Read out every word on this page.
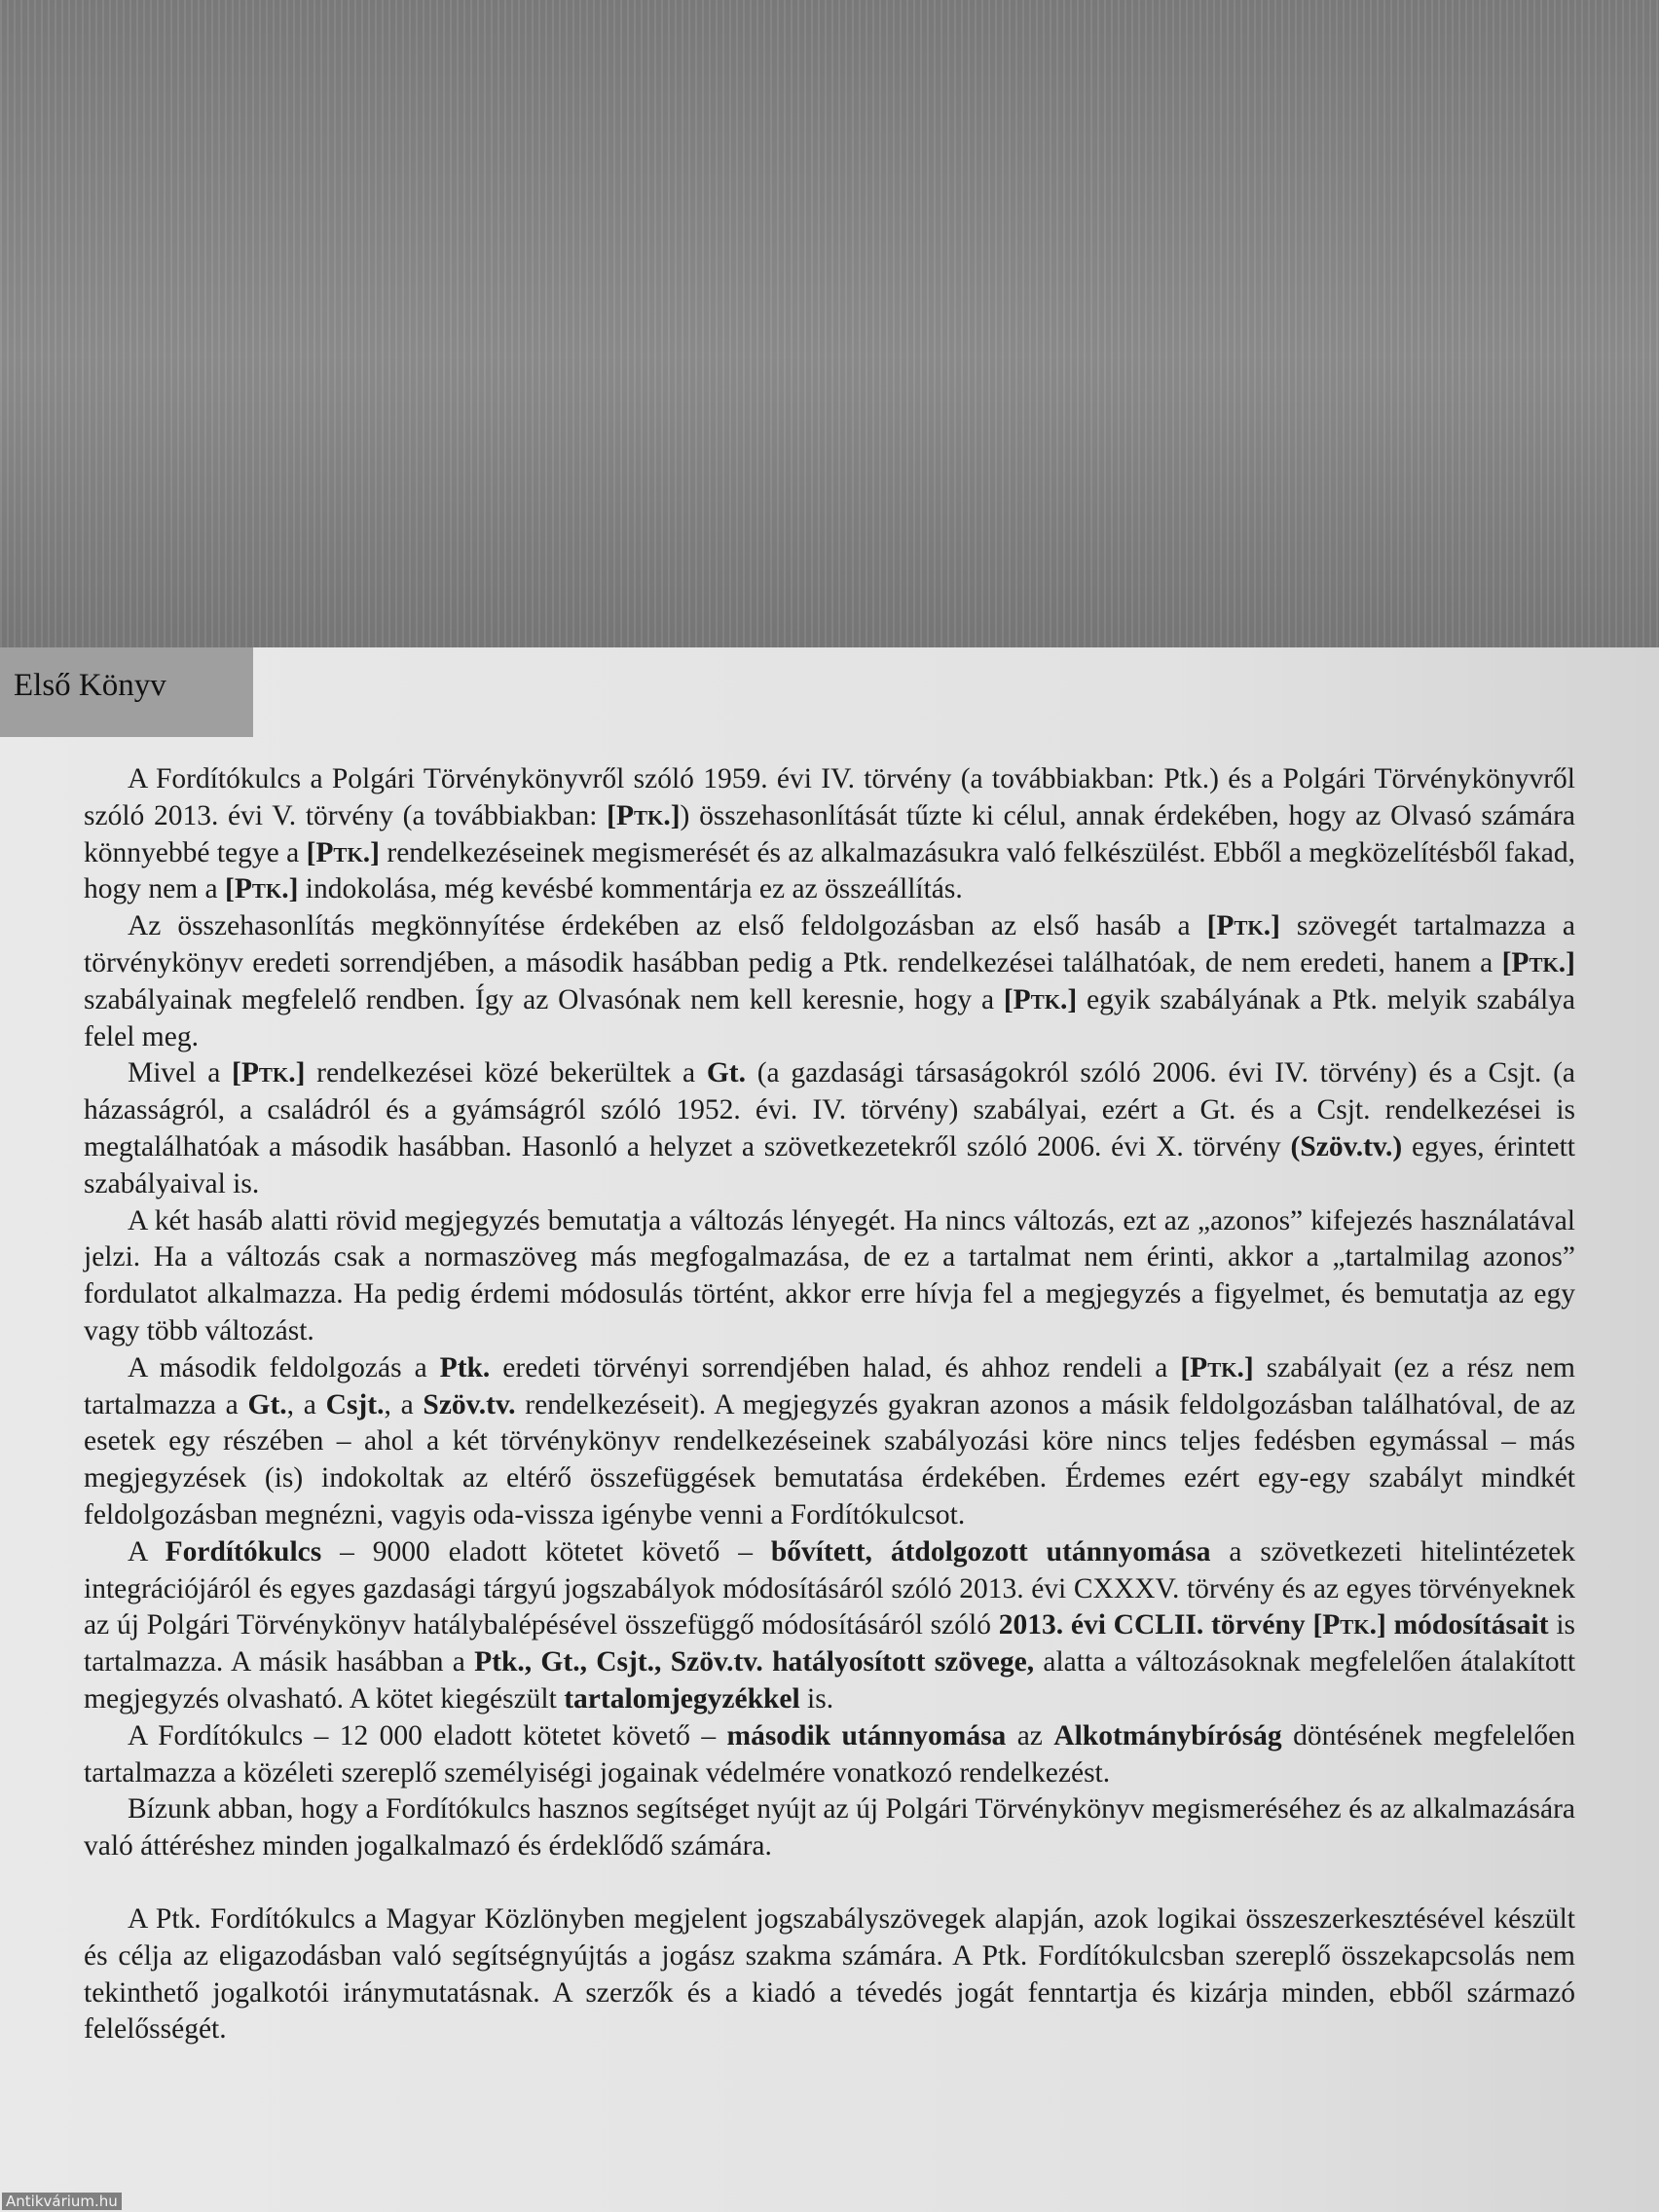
Első Könyv

A Fordítókulcs a Polgári Törvénykönyvről szóló 1959. évi IV. törvény (a továbbiakban: Ptk.) és a Polgári Törvénykönyvről szóló 2013. évi V. törvény (a továbbiakban: [Ptk.]) összehasonlítását tűzte ki célul, annak érdekében, hogy az Olvasó számára könnyebbé tegye a [Ptk.] rendelkezéseinek megismerését és az alkalmazásukra való felkészülést. Ebből a megközelítésből fakad, hogy nem a [Ptk.] indokolása, még kevésbé kommentárja ez az összeállítás.

Az összehasonlítás megkönnyítése érdekében az első feldolgozásban az első hasáb a [Ptk.] szövegét tartalmazza a törvénykönyv eredeti sorrendjében, a második hasábban pedig a Ptk. rendelkezései találhatóak, de nem eredeti, hanem a [Ptk.] szabályainak megfelelő rendben. Így az Olvasónak nem kell keresnie, hogy a [Ptk.] egyik szabályának a Ptk. melyik szabálya felel meg.

Mivel a [Ptk.] rendelkezései közé bekerültek a Gt. (a gazdasági társaságokról szóló 2006. évi IV. törvény) és a Csjt. (a házasságról, a családról és a gyámságról szóló 1952. évi. IV. törvény) szabályai, ezért a Gt. és a Csjt. rendelkezései is megtalálhatóak a második hasábban. Hasonló a helyzet a szövetkezetekről szóló 2006. évi X. törvény (Szöv.tv.) egyes, érintett szabályaival is.

A két hasáb alatti rövid megjegyzés bemutatja a változás lényegét. Ha nincs változás, ezt az „azonos” kifejezés használatával jelzi. Ha a változás csak a normaszöveg más megfogalmazása, de ez a tartalmat nem érinti, akkor a „tartalmilag azonos” fordulatot alkalmazza. Ha pedig érdemi módosulás történt, akkor erre hívja fel a megjegyzés a figyelmet, és bemutatja az egy vagy több változást.

A második feldolgozás a Ptk. eredeti törvényi sorrendjében halad, és ahhoz rendeli a [Ptk.] szabályait (ez a rész nem tartalmazza a Gt., a Csjt., a Szöv.tv. rendelkezéseit). A megjegyzés gyakran azonos a másik feldolgozásban találhatóval, de az esetek egy részében – ahol a két törvénykönyv rendelkezéseinek szabályozási köre nincs teljes fedésben egymással – más megjegyzések (is) indokoltak az eltérő összefüggések bemutatása érdekében. Érdemes ezért egy-egy szabályt mindkét feldolgozásban megnézni, vagyis oda-vissza igénybe venni a Fordítókulcsot.

A Fordítókulcs – 9000 eladott kötetet követő – bővített, átdolgozott utánnyomása a szövetkezeti hitelintézetek integrációjáról és egyes gazdasági tárgyú jogszabályok módosításáról szóló 2013. évi CXXXV. törvény és az egyes törvényeknek az új Polgári Törvénykönyv hatálybalépésével összefüggő módosításáról szóló 2013. évi CCLII. törvény [Ptk.] módosításait is tartalmazza. A másik hasábban a Ptk., Gt., Csjt., Szöv.tv. hatályosított szövege, alatta a változásoknak megfelelően átalakított megjegyzés olvasható. A kötet kiegészült tartalomjegyzékkel is.

A Fordítókulcs – 12 000 eladott kötetet követő – második utánnyomása az Alkotmánybíróság döntésének megfelelően tartalmazza a közéleti szereplő személyiségi jogainak védelmére vonatkozó rendelkezést.

Bízunk abban, hogy a Fordítókulcs hasznos segítséget nyújt az új Polgári Törvénykönyv megismeréséhez és az alkalmazására való áttéréshez minden jogalkalmazó és érdeklődő számára.

A Ptk. Fordítókulcs a Magyar Közlönyben megjelent jogszabályszövegek alapján, azok logikai összeszerkesztésével készült és célja az eligazodásban való segítségnyújtás a jogász szakma számára. A Ptk. Fordítókulcsban szereplő összekapcsolás nem tekinthető jogalkotói iránymutatásnak. A szerzők és a kiadó a tévedés jogát fenntartja és kizárja minden, ebből származó felelősségét.

Antikvárium.hu
